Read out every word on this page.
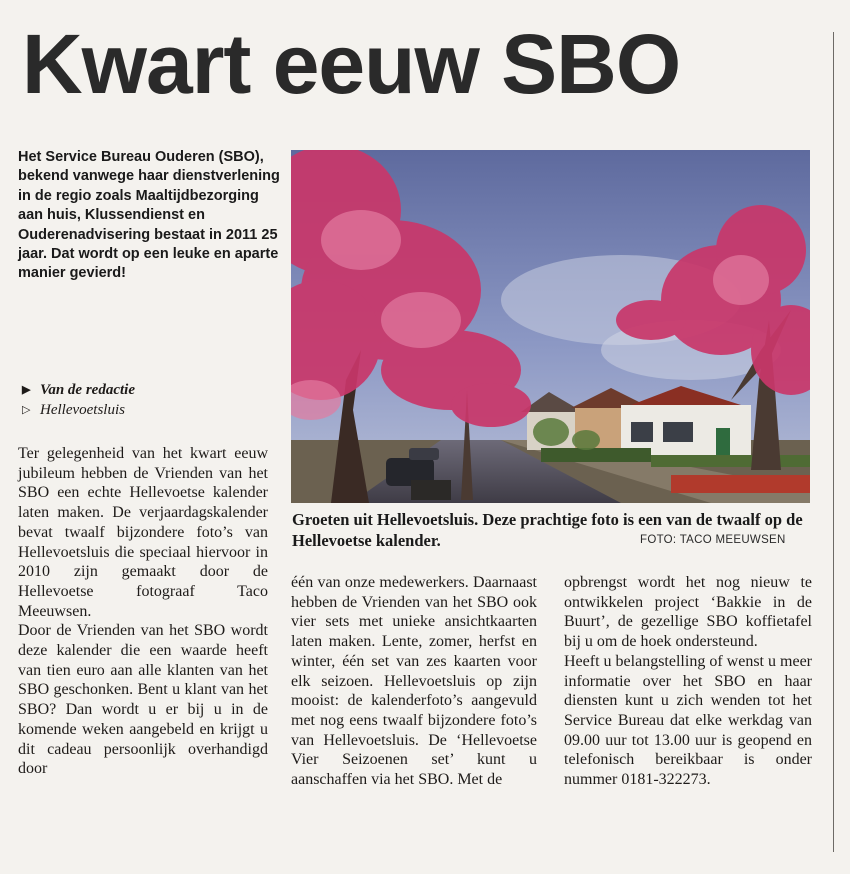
Kwart eeuw SBO

Het Service Bureau Ouderen (SBO), bekend vanwege haar dienstverlening in de regio zoals Maaltijdbezorging aan huis, Klussendienst en Ouderenadvisering bestaat in 2011 25 jaar. Dat wordt op een leuke en aparte manier gevierd!

▶ Van de redactie
▷ Hellevoetsluis

Groeten uit Hellevoetsluis. Deze prachtige foto is een van de twaalf op de Hellevoetse kalender.	FOTO: TACO MEEUWSEN

Ter gelegenheid van het kwart eeuw jubileum hebben de Vrienden van het SBO een echte Hellevoetse kalender laten maken. De verjaardagskalender bevat twaalf bijzondere foto’s van Hellevoetsluis die speciaal hiervoor in 2010 zijn gemaakt door de Hellevoetse fotograaf Taco Meeuwsen.

Door de Vrienden van het SBO wordt deze kalender die een waarde heeft van tien euro aan alle klanten van het SBO geschonken. Bent u klant van het SBO? Dan wordt u er bij u in de komende weken aangebeld en krijgt u dit cadeau persoonlijk overhandigd door

één van onze medewerkers. Daarnaast hebben de Vrienden van het SBO ook vier sets met unieke ansichtkaarten laten maken. Lente, zomer, herfst en winter, één set van zes kaarten voor elk seizoen. Hellevoetsluis op zijn mooist: de kalenderfoto’s aangevuld met nog eens twaalf bijzondere foto’s van Hellevoetsluis. De ‘Hellevoetse Vier Seizoenen set’ kunt u aanschaffen via het SBO. Met de

opbrengst wordt het nog nieuw te ontwikkelen project ‘Bakkie in de Buurt’, de gezellige SBO koffietafel bij u om de hoek ondersteund.

Heeft u belangstelling of wenst u meer informatie over het SBO en haar diensten kunt u zich wenden tot het Service Bureau dat elke werkdag van 09.00 uur tot 13.00 uur is geopend en telefonisch bereikbaar is onder nummer 0181-322273.
